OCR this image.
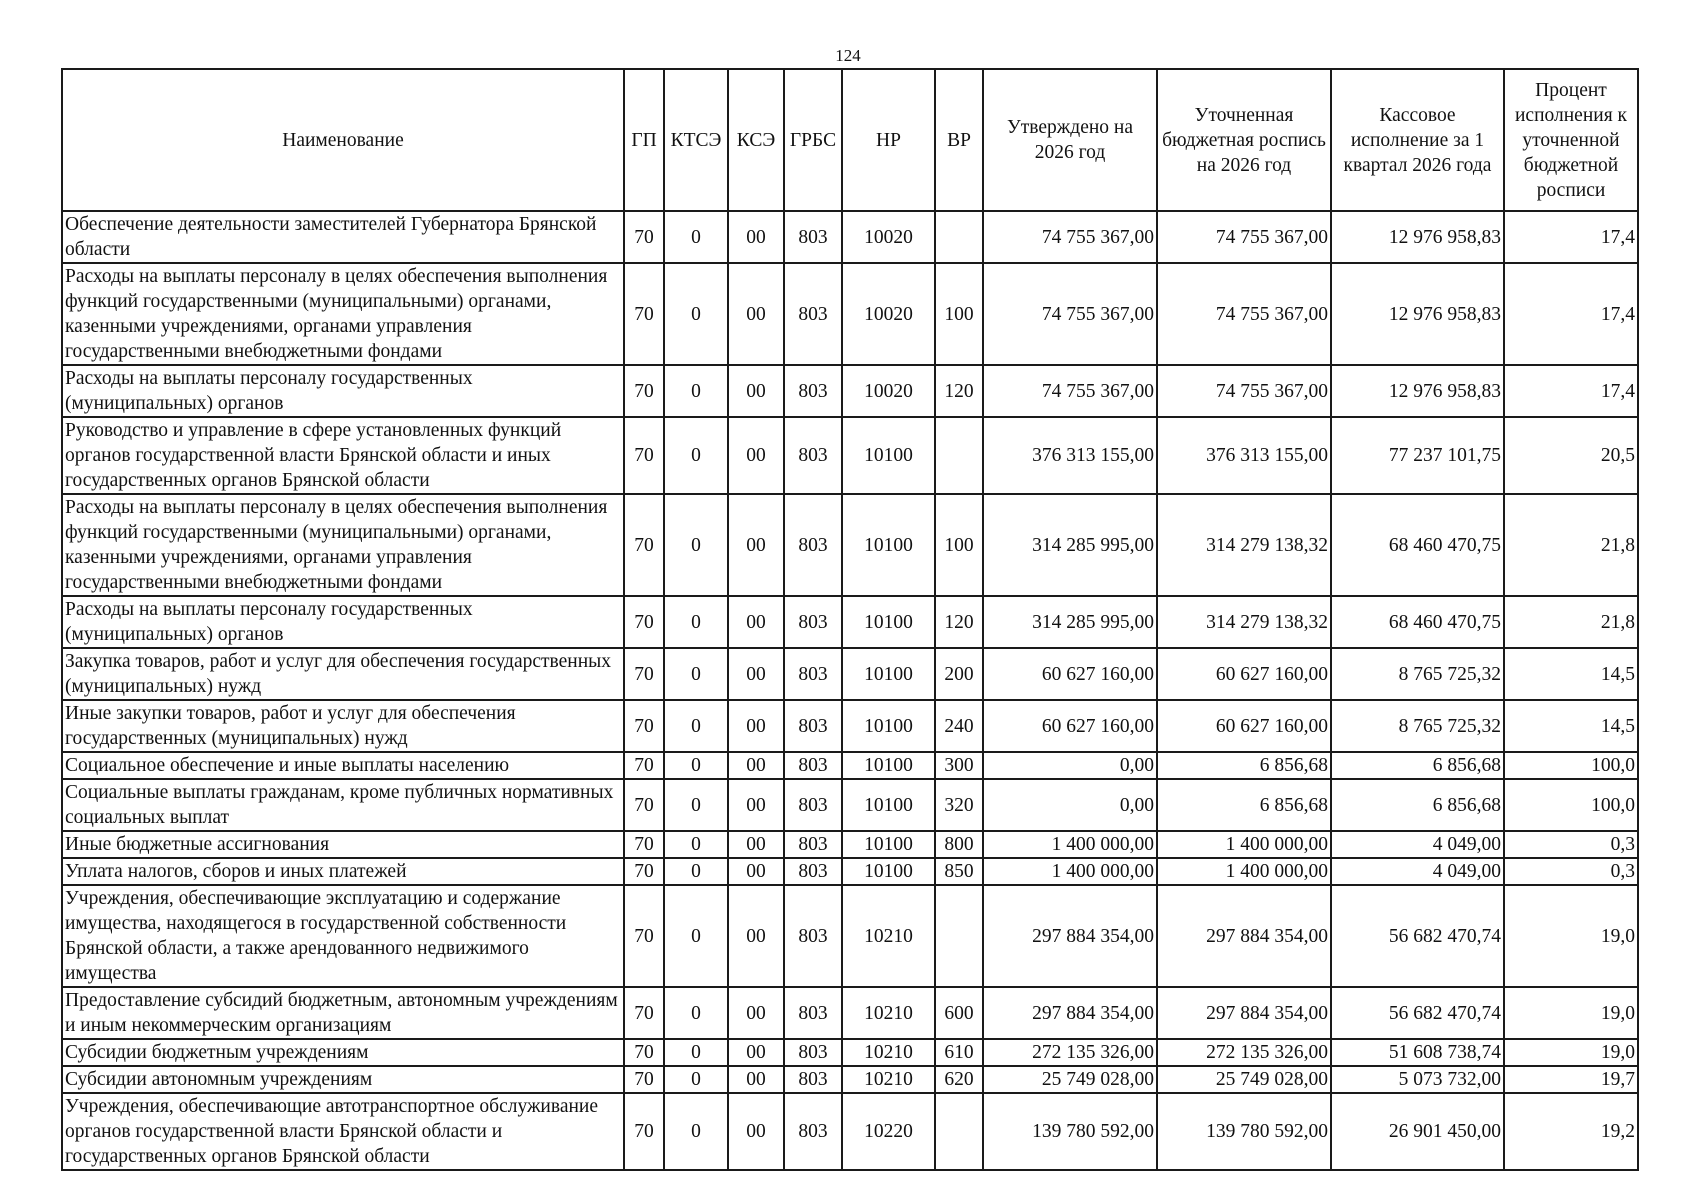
124
Наименование	ГП	КТСЭ	КСЭ	ГРБС	НР	ВР	Утверждено на 2026 год	Уточненная бюджетная роспись на 2026 год	Кассовое исполнение за 1 квартал 2026 года	Процент исполнения к уточненной бюджетной росписи
Обеспечение деятельности заместителей Губернатора Брянской области	70	0	00	803	10020		74 755 367,00	74 755 367,00	12 976 958,83	17,4
Расходы на выплаты персоналу в целях обеспечения выполнения функций государственными (муниципальными) органами, казенными учреждениями, органами управления государственными внебюджетными фондами	70	0	00	803	10020	100	74 755 367,00	74 755 367,00	12 976 958,83	17,4
Расходы на выплаты персоналу государственных (муниципальных) органов	70	0	00	803	10020	120	74 755 367,00	74 755 367,00	12 976 958,83	17,4
Руководство и управление в сфере установленных функций органов государственной власти Брянской области и иных государственных органов Брянской области	70	0	00	803	10100		376 313 155,00	376 313 155,00	77 237 101,75	20,5
Расходы на выплаты персоналу в целях обеспечения выполнения функций государственными (муниципальными) органами, казенными учреждениями, органами управления государственными внебюджетными фондами	70	0	00	803	10100	100	314 285 995,00	314 279 138,32	68 460 470,75	21,8
Расходы на выплаты персоналу государственных (муниципальных) органов	70	0	00	803	10100	120	314 285 995,00	314 279 138,32	68 460 470,75	21,8
Закупка товаров, работ и услуг для обеспечения государственных (муниципальных) нужд	70	0	00	803	10100	200	60 627 160,00	60 627 160,00	8 765 725,32	14,5
Иные закупки товаров, работ и услуг для обеспечения государственных (муниципальных) нужд	70	0	00	803	10100	240	60 627 160,00	60 627 160,00	8 765 725,32	14,5
Социальное обеспечение и иные выплаты населению	70	0	00	803	10100	300	0,00	6 856,68	6 856,68	100,0
Социальные выплаты гражданам, кроме публичных нормативных социальных выплат	70	0	00	803	10100	320	0,00	6 856,68	6 856,68	100,0
Иные бюджетные ассигнования	70	0	00	803	10100	800	1 400 000,00	1 400 000,00	4 049,00	0,3
Уплата налогов, сборов и иных платежей	70	0	00	803	10100	850	1 400 000,00	1 400 000,00	4 049,00	0,3
Учреждения, обеспечивающие эксплуатацию и содержание имущества, находящегося в государственной собственности Брянской области, а также арендованного недвижимого имущества	70	0	00	803	10210		297 884 354,00	297 884 354,00	56 682 470,74	19,0
Предоставление субсидий бюджетным, автономным учреждениям и иным некоммерческим организациям	70	0	00	803	10210	600	297 884 354,00	297 884 354,00	56 682 470,74	19,0
Субсидии бюджетным учреждениям	70	0	00	803	10210	610	272 135 326,00	272 135 326,00	51 608 738,74	19,0
Субсидии автономным учреждениям	70	0	00	803	10210	620	25 749 028,00	25 749 028,00	5 073 732,00	19,7
Учреждения, обеспечивающие автотранспортное обслуживание органов государственной власти Брянской области и государственных органов Брянской области	70	0	00	803	10220		139 780 592,00	139 780 592,00	26 901 450,00	19,2
